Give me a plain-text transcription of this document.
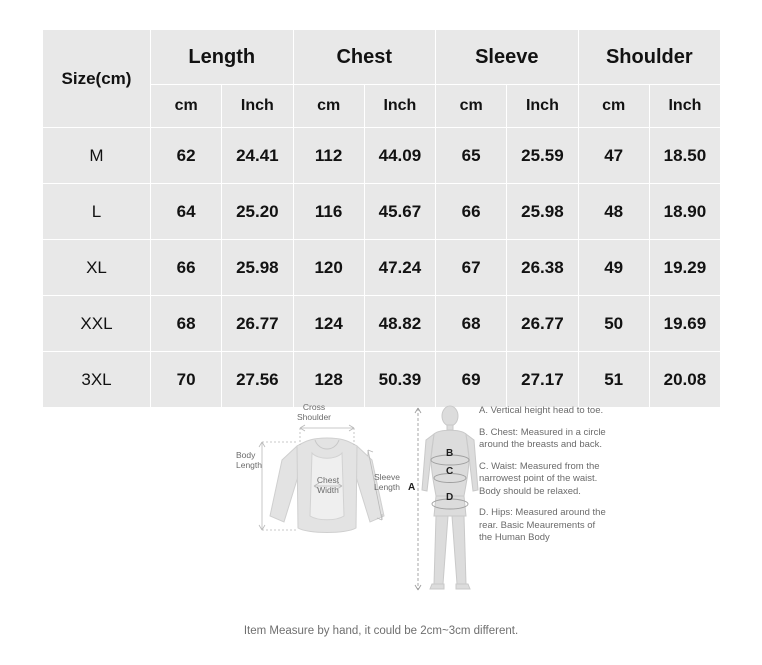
Size(cm)	Length		Chest		Sleeve		Shoulder	
	cm	Inch	cm	Inch	cm	Inch	cm	Inch
M	62	24.41	112	44.09	65	25.59	47	18.50
L	64	25.20	116	45.67	66	25.98	48	18.90
XL	66	25.98	120	47.24	67	26.38	49	19.29
XXL	68	26.77	124	48.82	68	26.77	50	19.69
3XL	70	27.56	128	50.39	69	27.17	51	20.08
Cross
Shoulder
Body
Length
Chest
Width
Sleeve
Length A
B
C
D

A. Vertical height head to toe.

B. Chest: Measured in a circle around the breasts and back.

C. Waist: Measured from the narrowest point of the waist. Body should be relaxed.

D. Hips: Measured around the rear. Basic Meaurements of the Human Body

Item Measure by hand, it could be 2cm~3cm different.
